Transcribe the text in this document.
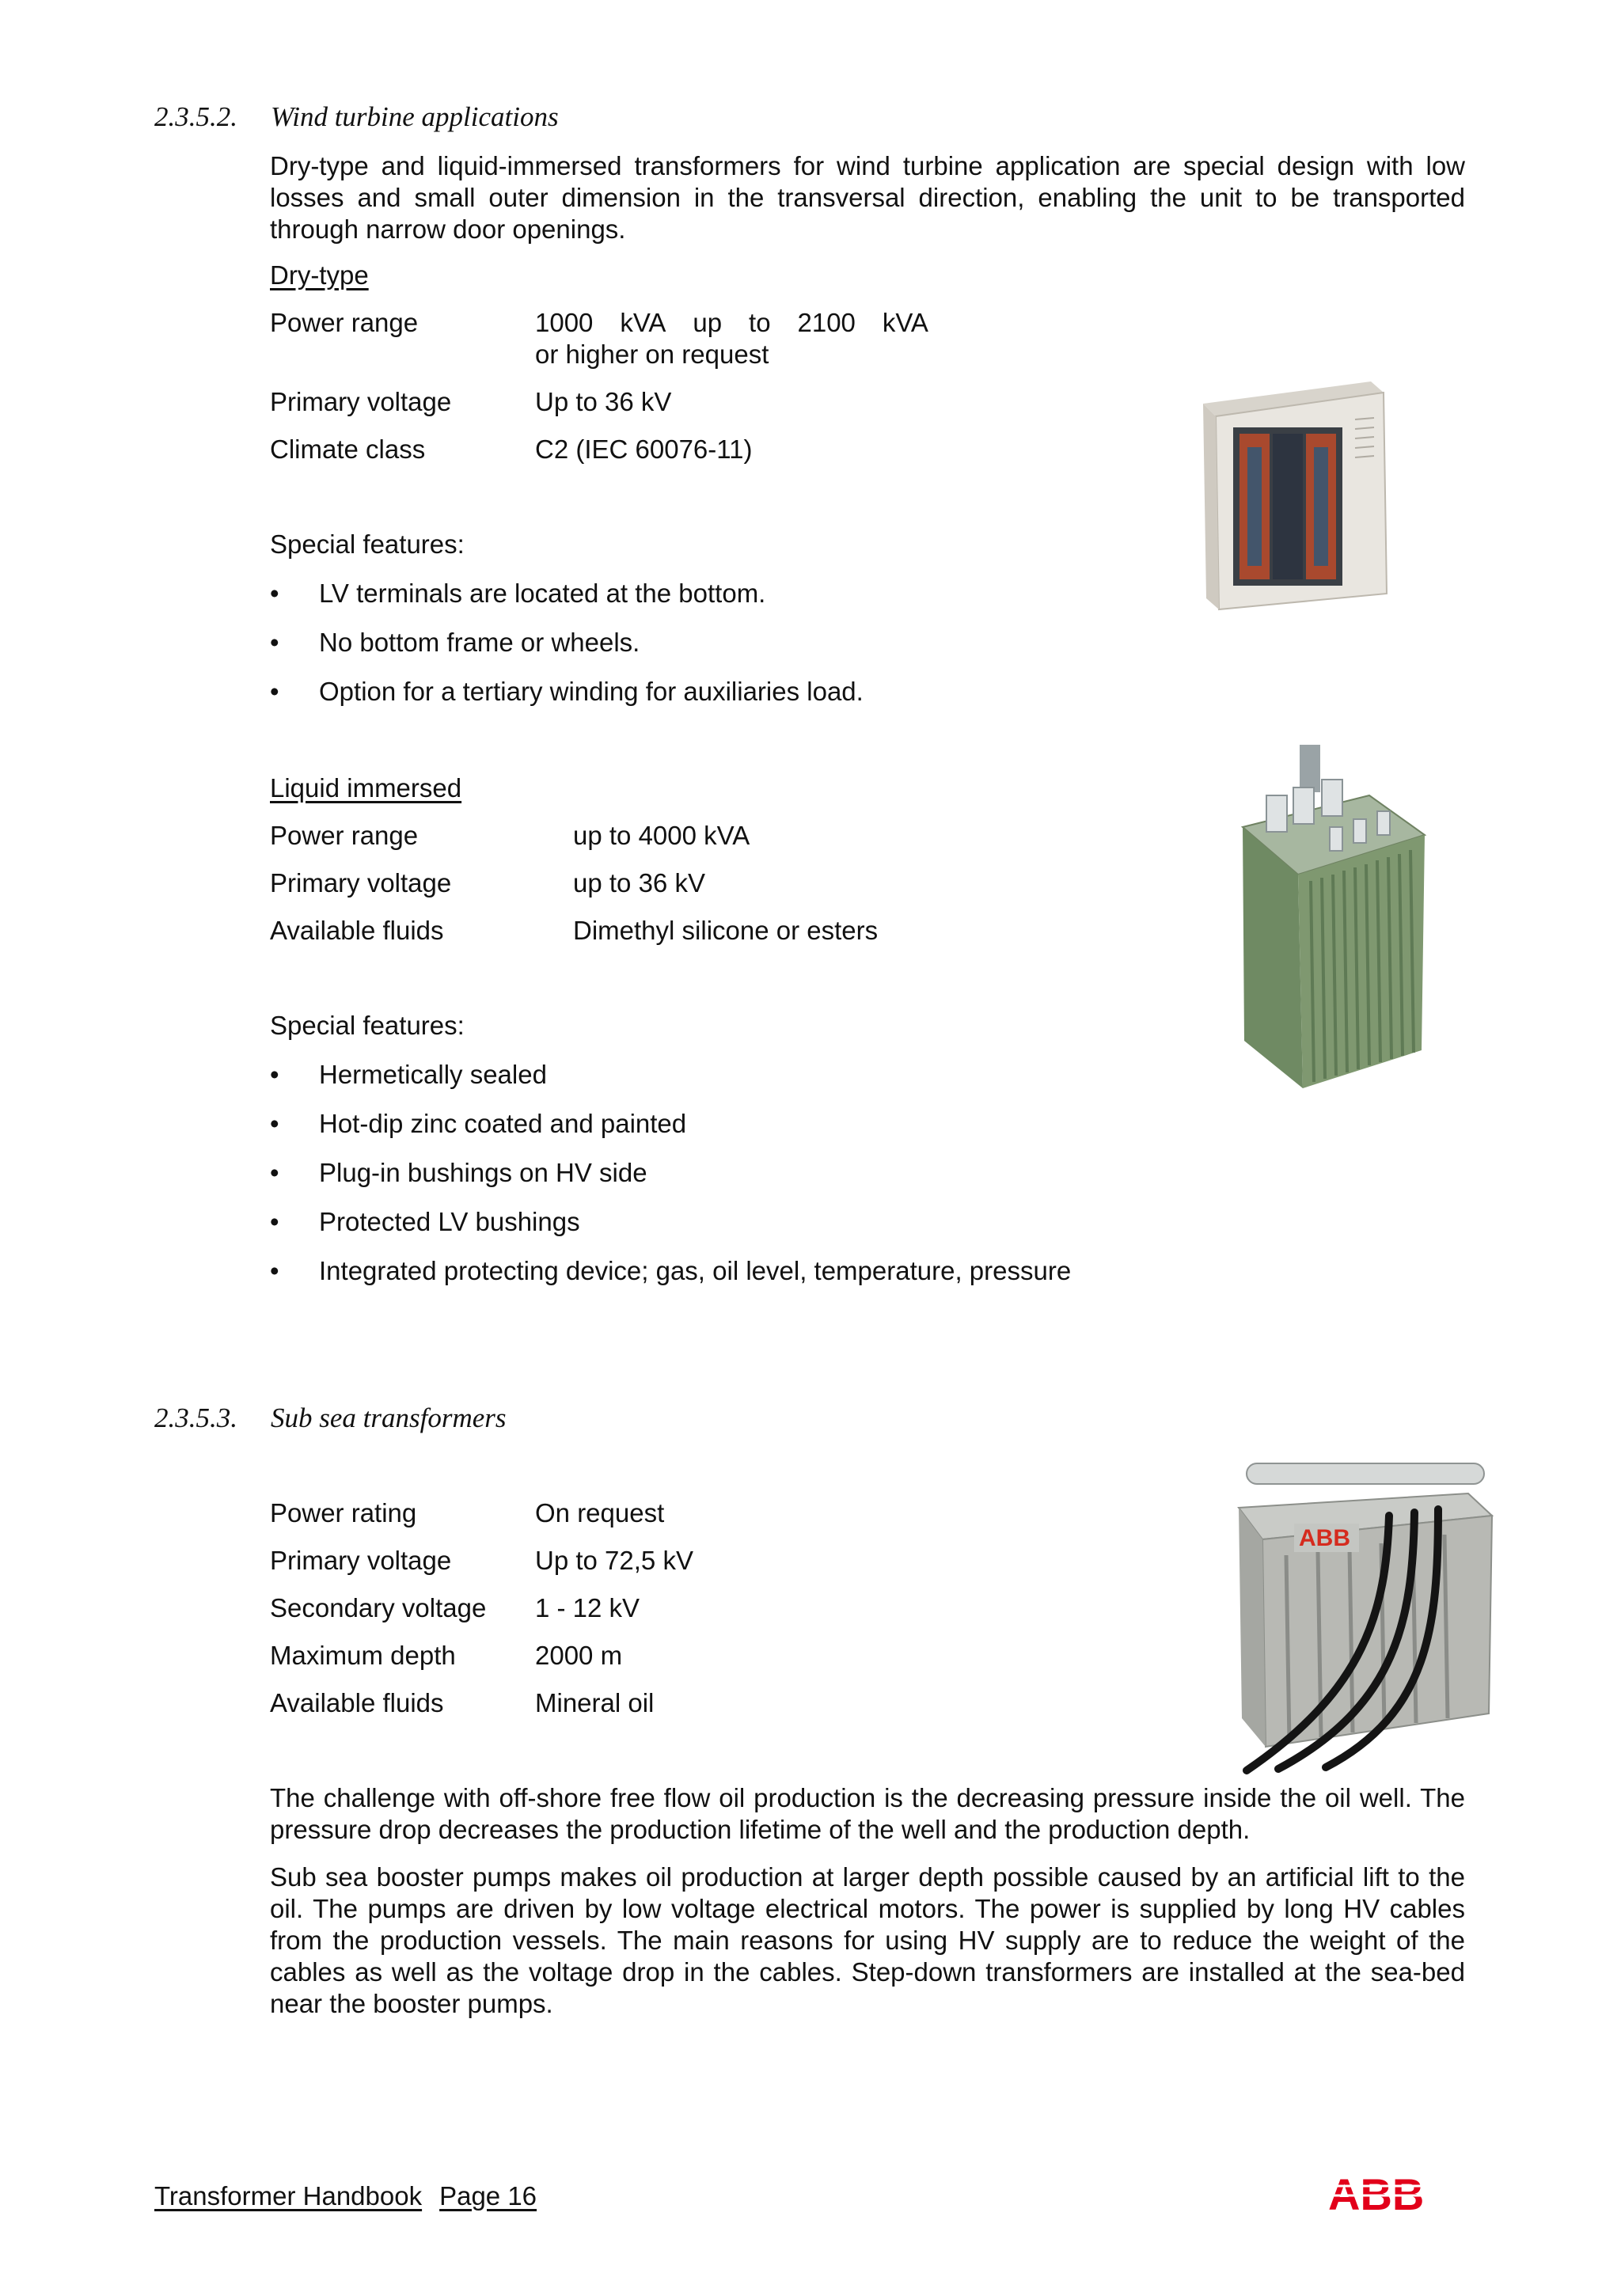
2.3.5.2. Wind turbine applications
Dry-type and liquid-immersed transformers for wind turbine application are special design with low losses and small outer dimension in the transversal direction, enabling the unit to be transported through narrow door openings.
Dry-type
Power range	1000 kVA up to 2100 kVA
or higher on request
Primary voltage	Up to 36 kV
Climate class	C2 (IEC 60076-11)
Special features:
• LV terminals are located at the bottom.
• No bottom frame or wheels.
• Option for a tertiary winding for auxiliaries load.
Liquid immersed
Power range	up to 4000 kVA
Primary voltage	up to 36 kV
Available fluids	Dimethyl silicone or esters
Special features:
• Hermetically sealed
• Hot-dip zinc coated and painted
• Plug-in bushings on HV side
• Protected LV bushings
• Integrated protecting device; gas, oil level, temperature, pressure
2.3.5.3. Sub sea transformers
Power rating	On request
Primary voltage	Up to 72,5 kV
Secondary voltage 1 - 12 kV
Maximum depth	2000 m
Available fluids	Mineral oil
The challenge with off-shore free flow oil production is the decreasing pressure inside the oil well. The pressure drop decreases the production lifetime of the well and the production depth.
Sub sea booster pumps makes oil production at larger depth possible caused by an artificial lift to the oil. The pumps are driven by low voltage electrical motors. The power is supplied by long HV cables from the production vessels. The main reasons for using HV supply are to reduce the weight of the cables as well as the voltage drop in the cables. Step-down transformers are installed at the sea-bed near the booster pumps.
ABB
Transformer Handbook Page 16	ABB
